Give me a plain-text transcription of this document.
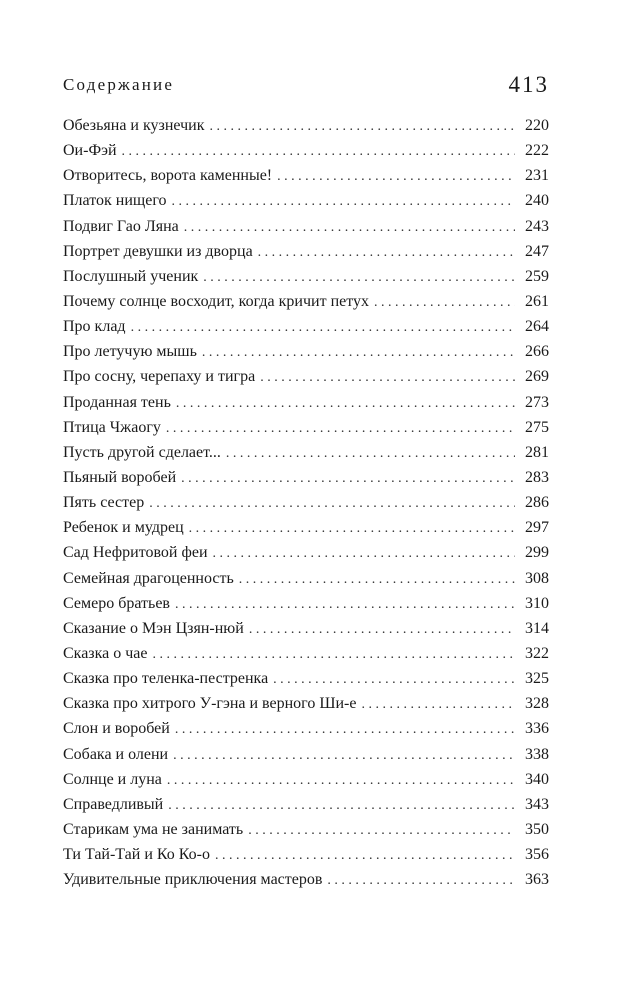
Содержание	413
Обезьяна и кузнечик . . .	220
Ои-Фэй . . .	222
Отворитесь, ворота каменные! . . .	231
Платок нищего . . .	240
Подвиг Гао Ляна . . .	243
Портрет девушки из дворца . . .	247
Послушный ученик . . .	259
Почему солнце восходит, когда кричит петух . . .	261
Про клад . . .	264
Про летучую мышь . . .	266
Про сосну, черепаху и тигра . . .	269
Проданная тень . . .	273
Птица Чжаогу . . .	275
Пусть другой сделает... . . .	281
Пьяный воробей . . .	283
Пять сестер . . .	286
Ребенок и мудрец . . .	297
Сад Нефритовой феи . . .	299
Семейная драгоценность . . .	308
Семеро братьев . . .	310
Сказание о Мэн Цзян-нюй . . .	314
Сказка о чае . . .	322
Сказка про теленка-пестренка . . .	325
Сказка про хитрого У-гэна и верного Ши-е . . .	328
Слон и воробей . . .	336
Собака и олени . . .	338
Солнце и луна . . .	340
Справедливый . . .	343
Старикам ума не занимать . . .	350
Ти Тай-Тай и Ко Ко-о . . .	356
Удивительные приключения мастеров . . .	363
